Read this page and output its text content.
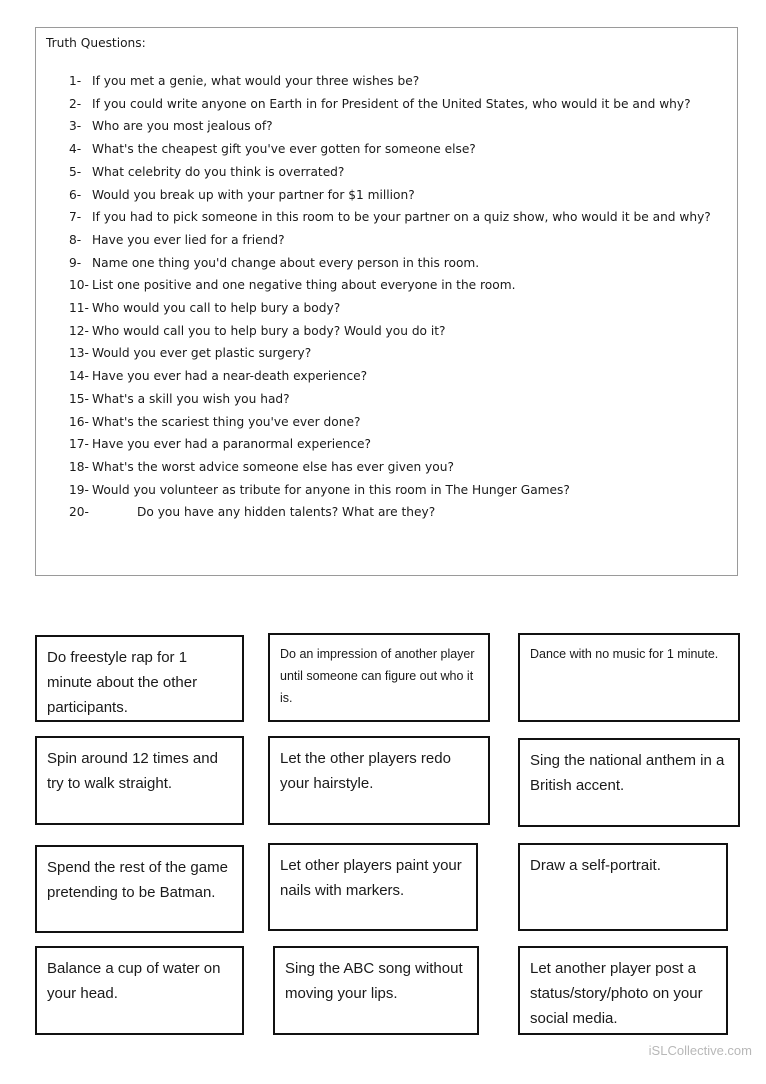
Truth Questions:
1- If you met a genie, what would your three wishes be?
2- If you could write anyone on Earth in for President of the United States, who would it be and why?
3- Who are you most jealous of?
4- What's the cheapest gift you've ever gotten for someone else?
5- What celebrity do you think is overrated?
6- Would you break up with your partner for $1 million?
7- If you had to pick someone in this room to be your partner on a quiz show, who would it be and why?
8- Have you ever lied for a friend?
9- Name one thing you'd change about every person in this room.
10- List one positive and one negative thing about everyone in the room.
11- Who would you call to help bury a body?
12- Who would call you to help bury a body? Would you do it?
13- Would you ever get plastic surgery?
14- Have you ever had a near-death experience?
15- What's a skill you wish you had?
16- What's the scariest thing you've ever done?
17- Have you ever had a paranormal experience?
18- What's the worst advice someone else has ever given you?
19- Would you volunteer as tribute for anyone in this room in The Hunger Games?
20-	Do you have any hidden talents? What are they?
Do freestyle rap for 1 minute about the other participants.
Do an impression of another player until someone can figure out who it is.
Dance with no music for 1 minute.
Spin around 12 times and try to walk straight.
Let the other players redo your hairstyle.
Sing the national anthem in a British accent.
Spend the rest of the game pretending to be Batman.
Let other players paint your nails with markers.
Draw a self-portrait.
Balance a cup of water on your head.
Sing the ABC song without moving your lips.
Let another player post a status/story/photo on your social media.
iSLCollective.com
